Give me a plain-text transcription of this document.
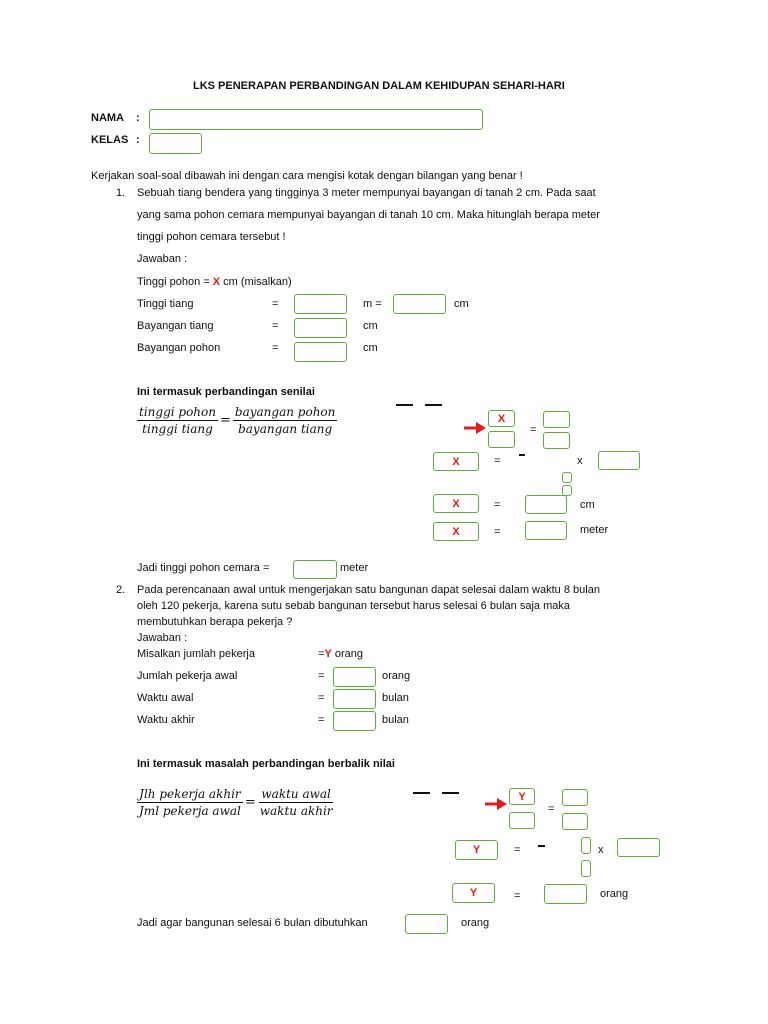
LKS PENERAPAN PERBANDINGAN DALAM KEHIDUPAN SEHARI-HARI
NAMA :
KELAS :
Kerjakan soal-soal dibawah ini dengan cara mengisi kotak dengan bilangan yang benar !
1. Sebuah tiang bendera yang tingginya 3 meter mempunyai bayangan di tanah 2 cm. Pada saat
yang sama pohon cemara mempunyai bayangan di tanah 10 cm. Maka hitunglah berapa meter
tinggi pohon cemara tersebut !
Jawaban :
Tinggi pohon = X cm (misalkan)
Tinggi tiang	=	m =	cm
Bayangan tiang	=	cm
Bayangan pohon	=	cm
Ini termasuk perbandingan senilai
$\frac{\text{tinggi pohon}}{\text{tinggi tiang}} = \frac{\text{bayangan pohon}}{\text{bayangan tiang}}$	X
=
X	=	x
X	=	cm
X	=	meter
Jadi tinggi pohon cemara =	meter
2. Pada perencanaan awal untuk mengerjakan satu bangunan dapat selesai dalam waktu 8 bulan
oleh 120 pekerja, karena sutu sebab bangunan tersebut harus selesai 6 bulan saja maka
membutuhkan berapa pekerja ?
Jawaban :
Misalkan jumlah pekerja	=Y orang
Jumlah pekerja awal	=	orang
Waktu awal	=	bulan
Waktu akhir	=	bulan
Ini termasuk masalah perbandingan berbalik nilai
$\frac{\text{Jlh pekerja akhir}}{\text{Jml pekerja awal}} = \frac{\text{waktu awal}}{\text{waktu akhir}}$	Y
=
Y	=	x
Y	=	orang
Jadi agar bangunan selesai 6 bulan dibutuhkan	orang
